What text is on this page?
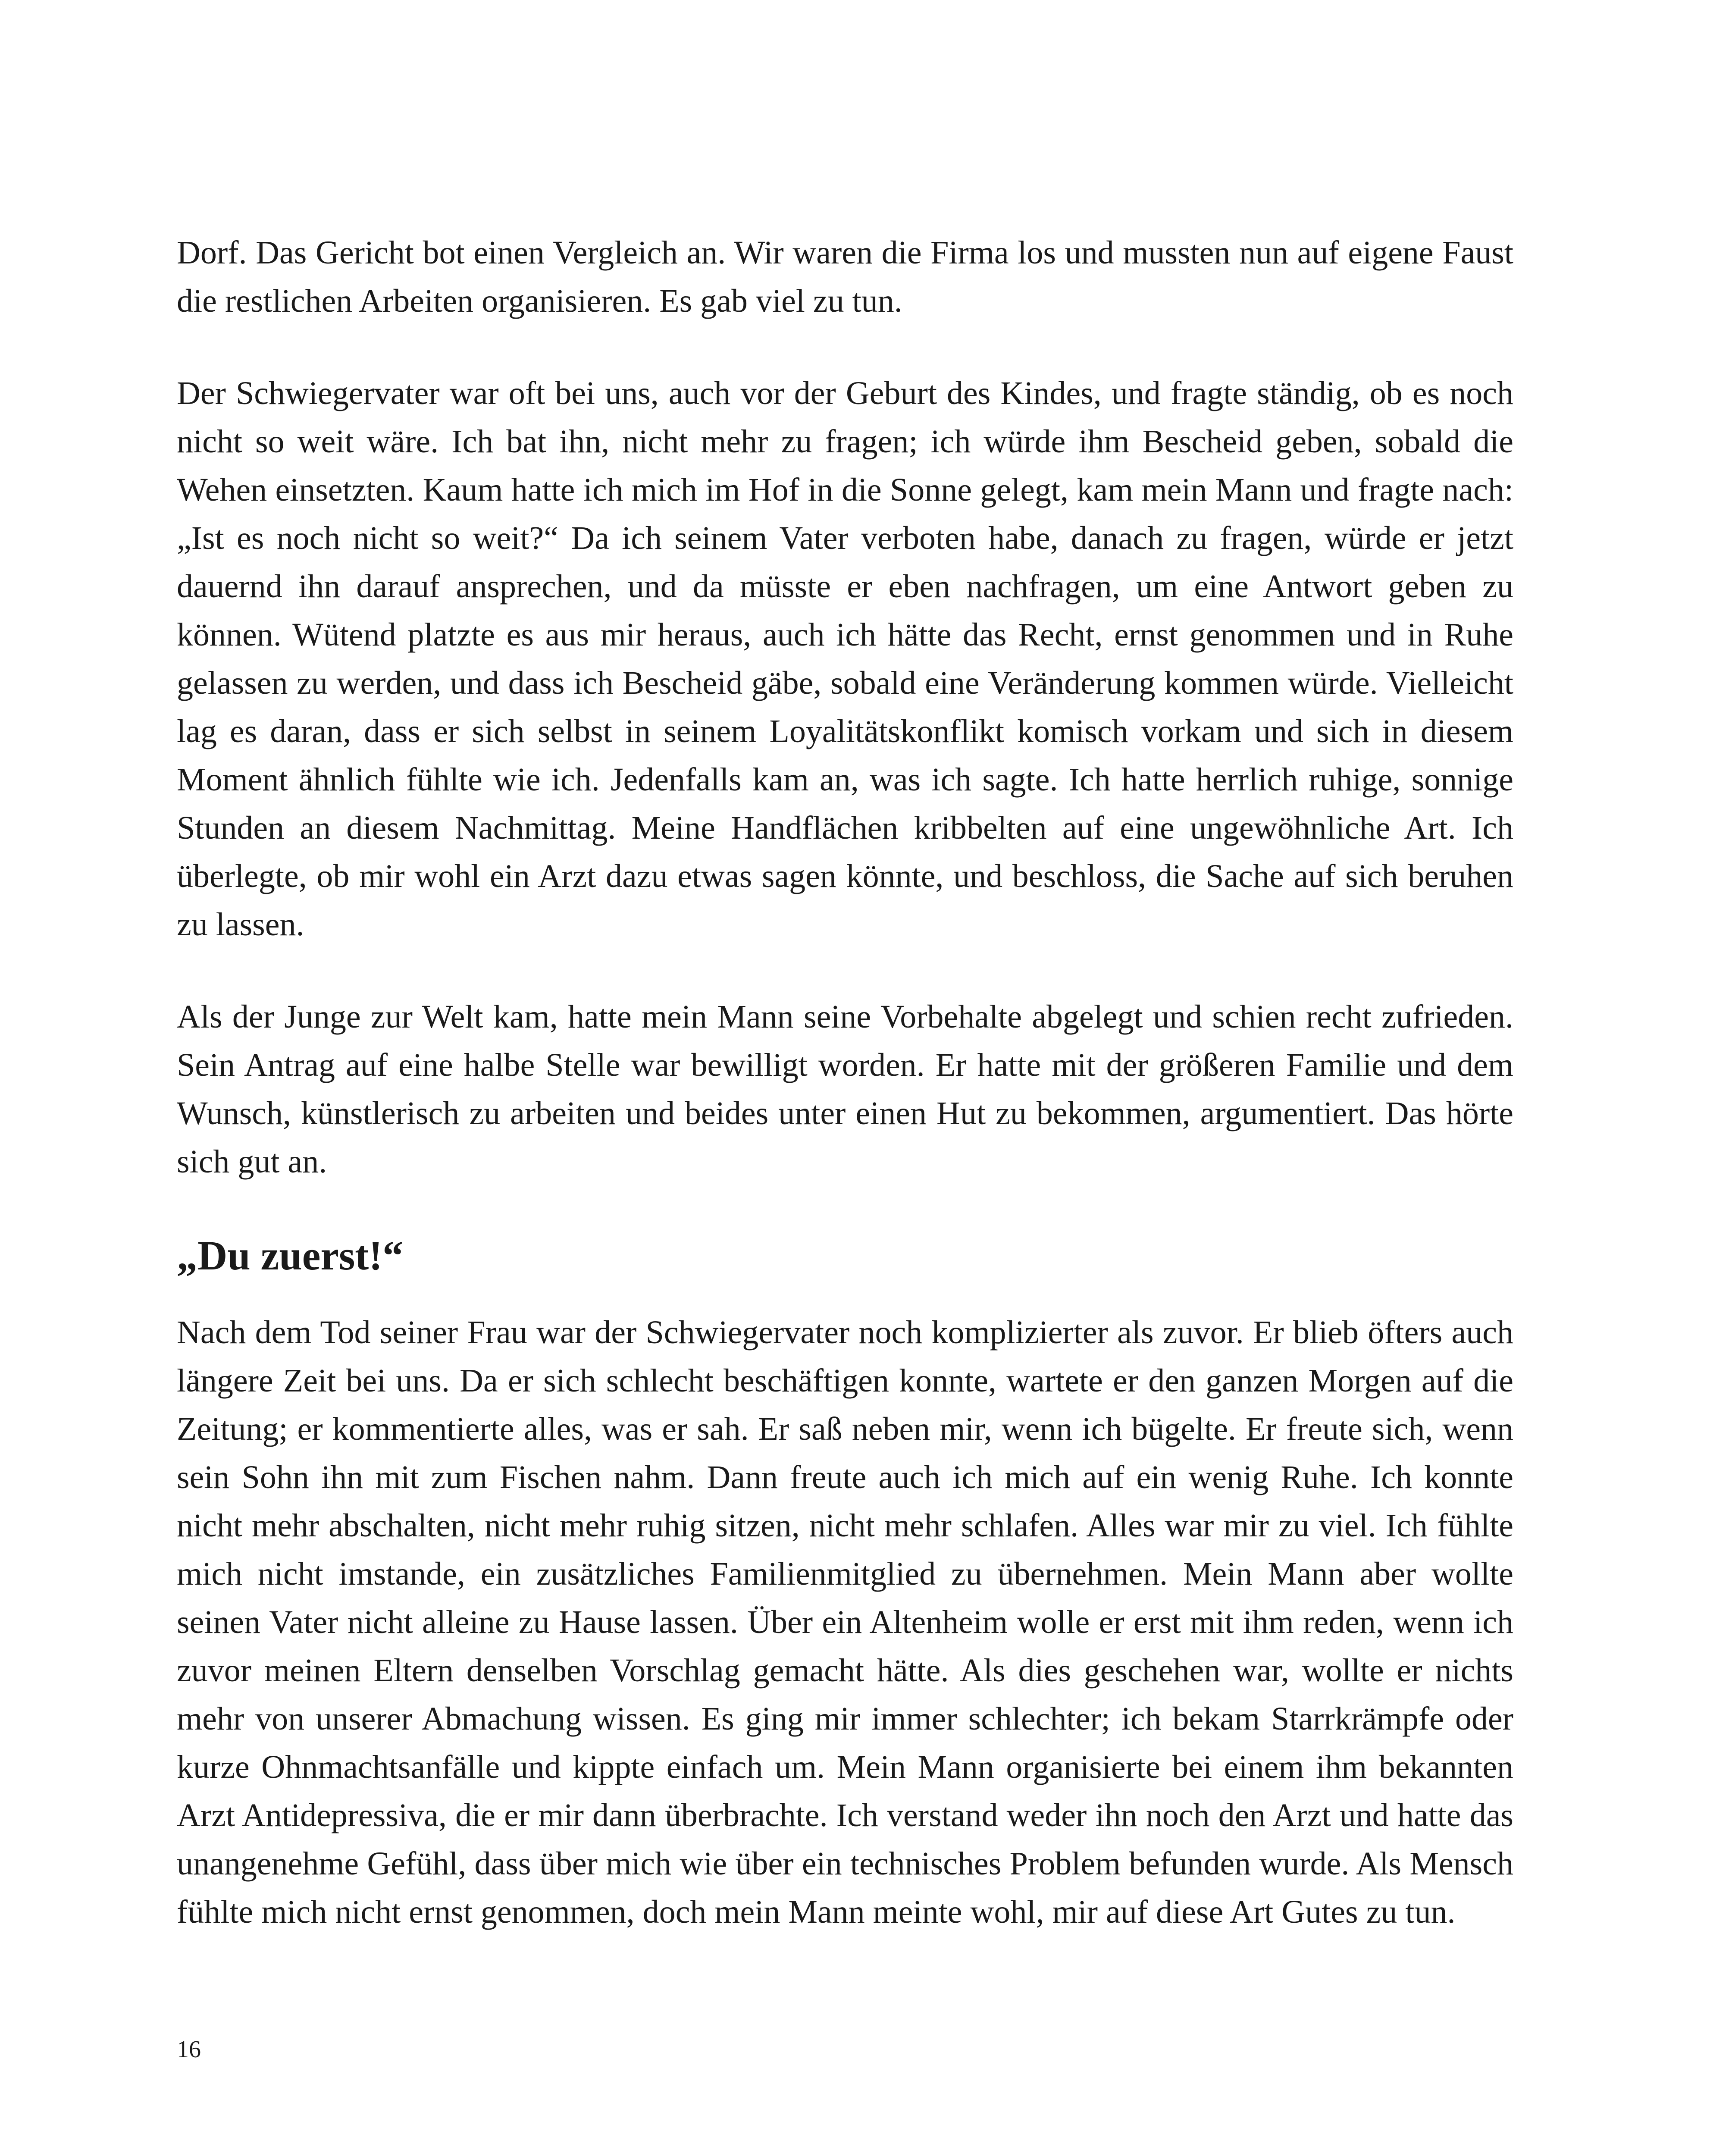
Dorf. Das Gericht bot einen Vergleich an. Wir waren die Firma los und mussten nun auf eigene Faust die restlichen Arbeiten organisieren. Es gab viel zu tun.

Der Schwiegervater war oft bei uns, auch vor der Geburt des Kindes, und fragte ständig, ob es noch nicht so weit wäre. Ich bat ihn, nicht mehr zu fragen; ich würde ihm Bescheid geben, sobald die Wehen einsetzten. Kaum hatte ich mich im Hof in die Sonne gelegt, kam mein Mann und fragte nach: „Ist es noch nicht so weit?“ Da ich seinem Vater verboten habe, danach zu fragen, würde er jetzt dauernd ihn darauf ansprechen, und da müsste er eben nachfragen, um eine Antwort geben zu können. Wütend platzte es aus mir heraus, auch ich hätte das Recht, ernst genommen und in Ruhe gelassen zu werden, und dass ich Bescheid gäbe, sobald eine Veränderung kommen würde. Vielleicht lag es daran, dass er sich selbst in seinem Loyalitätskonflikt komisch vorkam und sich in diesem Moment ähnlich fühlte wie ich. Jedenfalls kam an, was ich sagte. Ich hatte herrlich ruhige, sonnige Stunden an diesem Nachmittag. Meine Handflächen kribbelten auf eine ungewöhnliche Art. Ich überlegte, ob mir wohl ein Arzt dazu etwas sagen könnte, und beschloss, die Sache auf sich beruhen zu lassen.

Als der Junge zur Welt kam, hatte mein Mann seine Vorbehalte abgelegt und schien recht zufrieden. Sein Antrag auf eine halbe Stelle war bewilligt worden. Er hatte mit der größeren Familie und dem Wunsch, künstlerisch zu arbeiten und beides unter einen Hut zu bekommen, argumentiert. Das hörte sich gut an.

„Du zuerst!“

Nach dem Tod seiner Frau war der Schwiegervater noch komplizierter als zuvor. Er blieb öfters auch längere Zeit bei uns. Da er sich schlecht beschäftigen konnte, wartete er den ganzen Morgen auf die Zeitung; er kommentierte alles, was er sah. Er saß neben mir, wenn ich bügelte. Er freute sich, wenn sein Sohn ihn mit zum Fischen nahm. Dann freute auch ich mich auf ein wenig Ruhe. Ich konnte nicht mehr abschalten, nicht mehr ruhig sitzen, nicht mehr schlafen. Alles war mir zu viel. Ich fühlte mich nicht imstande, ein zusätzliches Familienmitglied zu übernehmen. Mein Mann aber wollte seinen Vater nicht alleine zu Hause lassen. Über ein Altenheim wolle er erst mit ihm reden, wenn ich zuvor meinen Eltern denselben Vorschlag gemacht hätte. Als dies geschehen war, wollte er nichts mehr von unserer Abmachung wissen. Es ging mir immer schlechter; ich bekam Starrkrämpfe oder kurze Ohnmachtsanfälle und kippte einfach um. Mein Mann organisierte bei einem ihm bekannten Arzt Antidepressiva, die er mir dann überbrachte. Ich verstand weder ihn noch den Arzt und hatte das unangenehme Gefühl, dass über mich wie über ein technisches Problem befunden wurde. Als Mensch fühlte mich nicht ernst genommen, doch mein Mann meinte wohl, mir auf diese Art Gutes zu tun.

16
